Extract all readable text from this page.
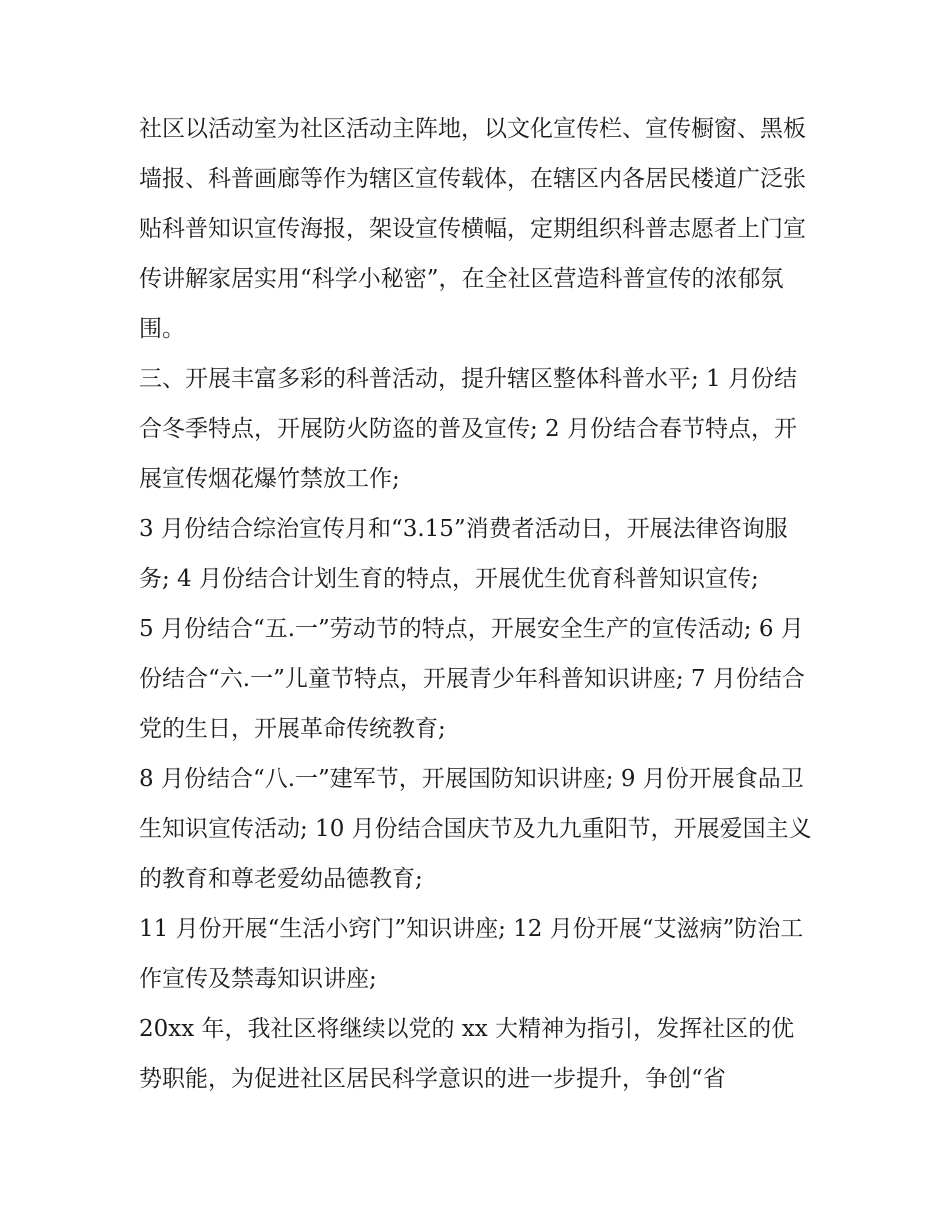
社区以活动室为社区活动主阵地，以文化宣传栏、宣传橱窗、黑板墙报、科普画廊等作为辖区宣传载体，在辖区内各居民楼道广泛张贴科普知识宣传海报，架设宣传横幅，定期组织科普志愿者上门宣传讲解家居实用“科学小秘密”，在全社区营造科普宣传的浓郁氛围。

三、开展丰富多彩的科普活动，提升辖区整体科普水平; 1 月份结合冬季特点，开展防火防盗的普及宣传; 2 月份结合春节特点，开展宣传烟花爆竹禁放工作;

3 月份结合综治宣传月和“3.15”消费者活动日，开展法律咨询服务; 4 月份结合计划生育的特点，开展优生优育科普知识宣传;

5 月份结合“五.一”劳动节的特点，开展安全生产的宣传活动; 6 月份结合“六.一”儿童节特点，开展青少年科普知识讲座; 7 月份结合党的生日，开展革命传统教育;

8 月份结合“八.一”建军节，开展国防知识讲座; 9 月份开展食品卫生知识宣传活动; 10 月份结合国庆节及九九重阳节，开展爱国主义的教育和尊老爱幼品德教育;

11 月份开展“生活小窍门”知识讲座; 12 月份开展“艾滋病”防治工作宣传及禁毒知识讲座;

20xx 年，我社区将继续以党的 xx 大精神为指引，发挥社区的优势职能，为促进社区居民科学意识的进一步提升，争创“省
